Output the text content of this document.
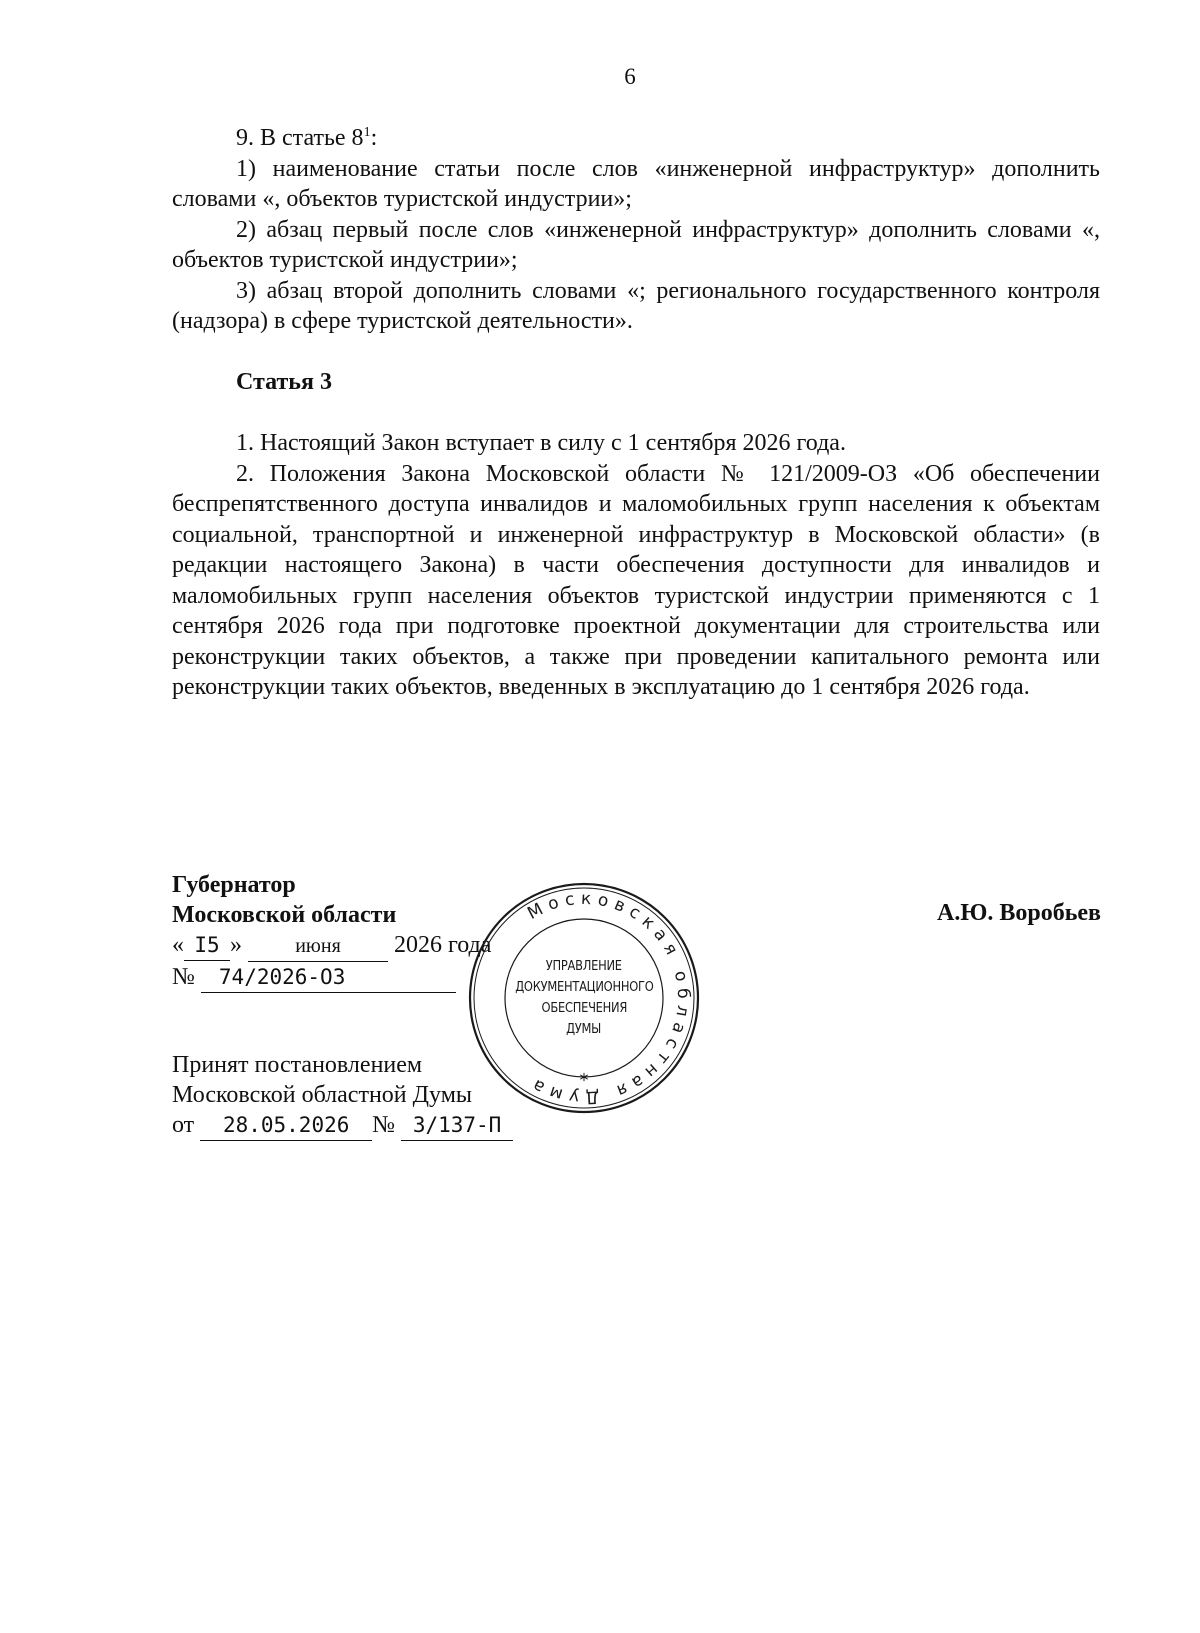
6

9. В статье $8^1$:

1) наименование статьи после слов «инженерной инфраструктур» дополнить словами «, объектов туристской индустрии»;

2) абзац первый после слов «инженерной инфраструктур» дополнить словами «, объектов туристской индустрии»;

3) абзац второй дополнить словами «; регионального государственного контроля (надзора) в сфере туристской деятельности».

Статья 3

1. Настоящий Закон вступает в силу с 1 сентября 2026 года.

2. Положения Закона Московской области № 121/2009-ОЗ «Об обеспечении беспрепятственного доступа инвалидов и маломобильных групп населения к объектам социальной, транспортной и инженерной инфраструктур в Московской области» (в редакции настоящего Закона) в части обеспечения доступности для инвалидов и маломобильных групп населения объектов туристской индустрии применяются с 1 сентября 2026 года при подготовке проектной документации для строительства или реконструкции таких объектов, а также при проведении капитального ремонта или реконструкции таких объектов, введенных в эксплуатацию до 1 сентября 2026 года.

Губернатор
Московской области
« I5 »	июня 2026 года
№ 74/2026-ОЗ
А.Ю. Воробьев
Московская областная Дума	*
УПРАВЛЕНИЕ
ДОКУМЕНТАЦИОННОГО
ОБЕСПЕЧЕНИЯ
ДУМЫ
Принят постановлением
Московской областной Думы
от 28.05.2026 № 3/137-П
